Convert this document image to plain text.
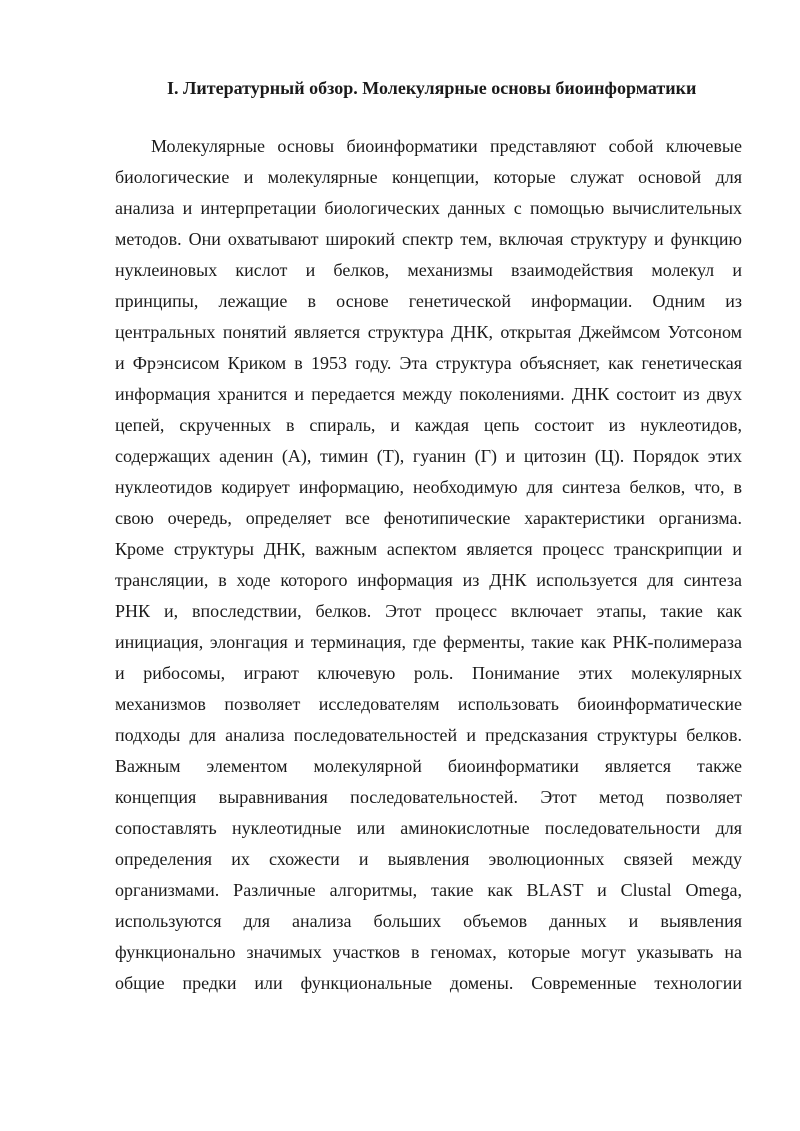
I. Литературный обзор. Молекулярные основы биоинформатики
Молекулярные основы биоинформатики представляют собой ключевые
биологические и молекулярные концепции, которые служат основой для
анализа и интерпретации биологических данных с помощью вычислительных
методов. Они охватывают широкий спектр тем, включая структуру и функцию
нуклеиновых кислот и белков, механизмы взаимодействия молекул и
принципы, лежащие в основе генетической информации. Одним из
центральных понятий является структура ДНК, открытая Джеймсом Уотсоном
и Фрэнсисом Криком в 1953 году. Эта структура объясняет, как генетическая
информация хранится и передается между поколениями. ДНК состоит из двух
цепей, скрученных в спираль, и каждая цепь состоит из нуклеотидов,
содержащих аденин (А), тимин (Т), гуанин (Г) и цитозин (Ц). Порядок этих
нуклеотидов кодирует информацию, необходимую для синтеза белков, что, в
свою очередь, определяет все фенотипические характеристики организма.
Кроме структуры ДНК, важным аспектом является процесс транскрипции и
трансляции, в ходе которого информация из ДНК используется для синтеза
РНК и, впоследствии, белков. Этот процесс включает этапы, такие как
инициация, элонгация и терминация, где ферменты, такие как РНК-полимераза
и рибосомы, играют ключевую роль. Понимание этих молекулярных
механизмов позволяет исследователям использовать биоинформатические
подходы для анализа последовательностей и предсказания структуры белков.
Важным элементом молекулярной биоинформатики является также
концепция выравнивания последовательностей. Этот метод позволяет
сопоставлять нуклеотидные или аминокислотные последовательности для
определения их схожести и выявления эволюционных связей между
организмами. Различные алгоритмы, такие как BLAST и Clustal Omega,
используются для анализа больших объемов данных и выявления
функционально значимых участков в геномах, которые могут указывать на
общие предки или функциональные домены. Современные технологии
